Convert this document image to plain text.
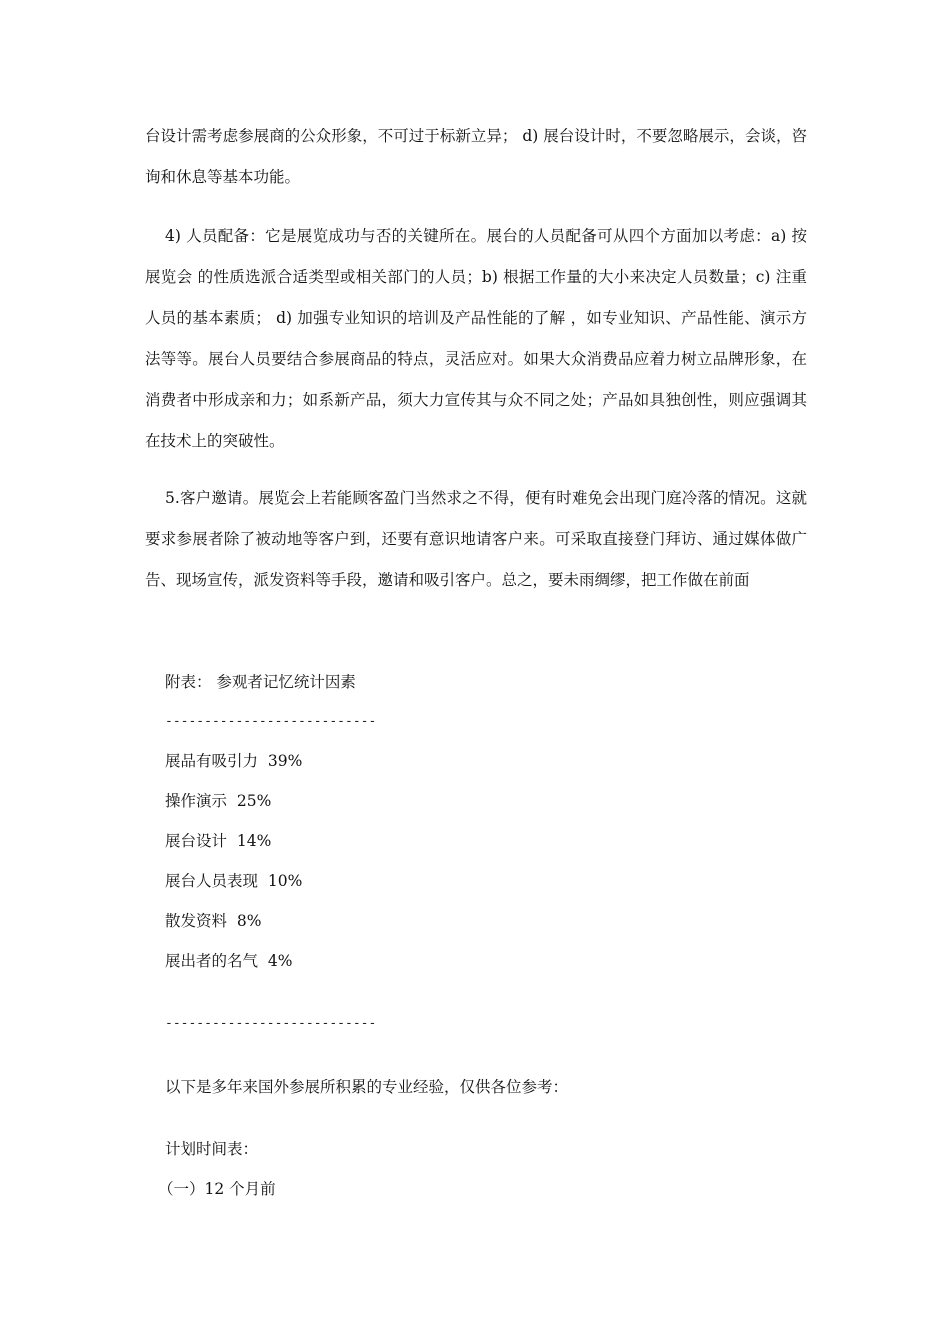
台设计需考虑参展商的公众形象，不可过于标新立异； d) 展台设计时，不要忽略展示，会谈，咨询和休息等基本功能。

4) 人员配备：它是展览成功与否的关键所在。展台的人员配备可从四个方面加以考虑：a) 按展览会 的性质选派合适类型或相关部门的人员；b) 根据工作量的大小来决定人员数量；c) 注重人员的基本素质； d) 加强专业知识的培训及产品性能的了解 ，如专业知识、产品性能、演示方法等等。展台人员要结合参展商品的特点，灵活应对。如果大众消费品应着力树立品牌形象，在消费者中形成亲和力；如系新产品，须大力宣传其与众不同之处；产品如具独创性，则应强调其在技术上的突破性。

5.客户邀请。展览会上若能顾客盈门当然求之不得，便有时难免会出现门庭冷落的情况。这就要求参展者除了被动地等客户到，还要有意识地请客户来。可采取直接登门拜访、通过媒体做广告、现场宣传，派发资料等手段，邀请和吸引客户。总之，要未雨绸缪，把工作做在前面

附表： 参观者记忆统计因素
---------------------------
展品有吸引力 39%
操作演示 25%
展台设计 14%
展台人员表现 10%
散发资料 8%
展出者的名气 4%
---------------------------
以下是多年来国外参展所积累的专业经验，仅供各位参考：
计划时间表：
（一）12 个月前
